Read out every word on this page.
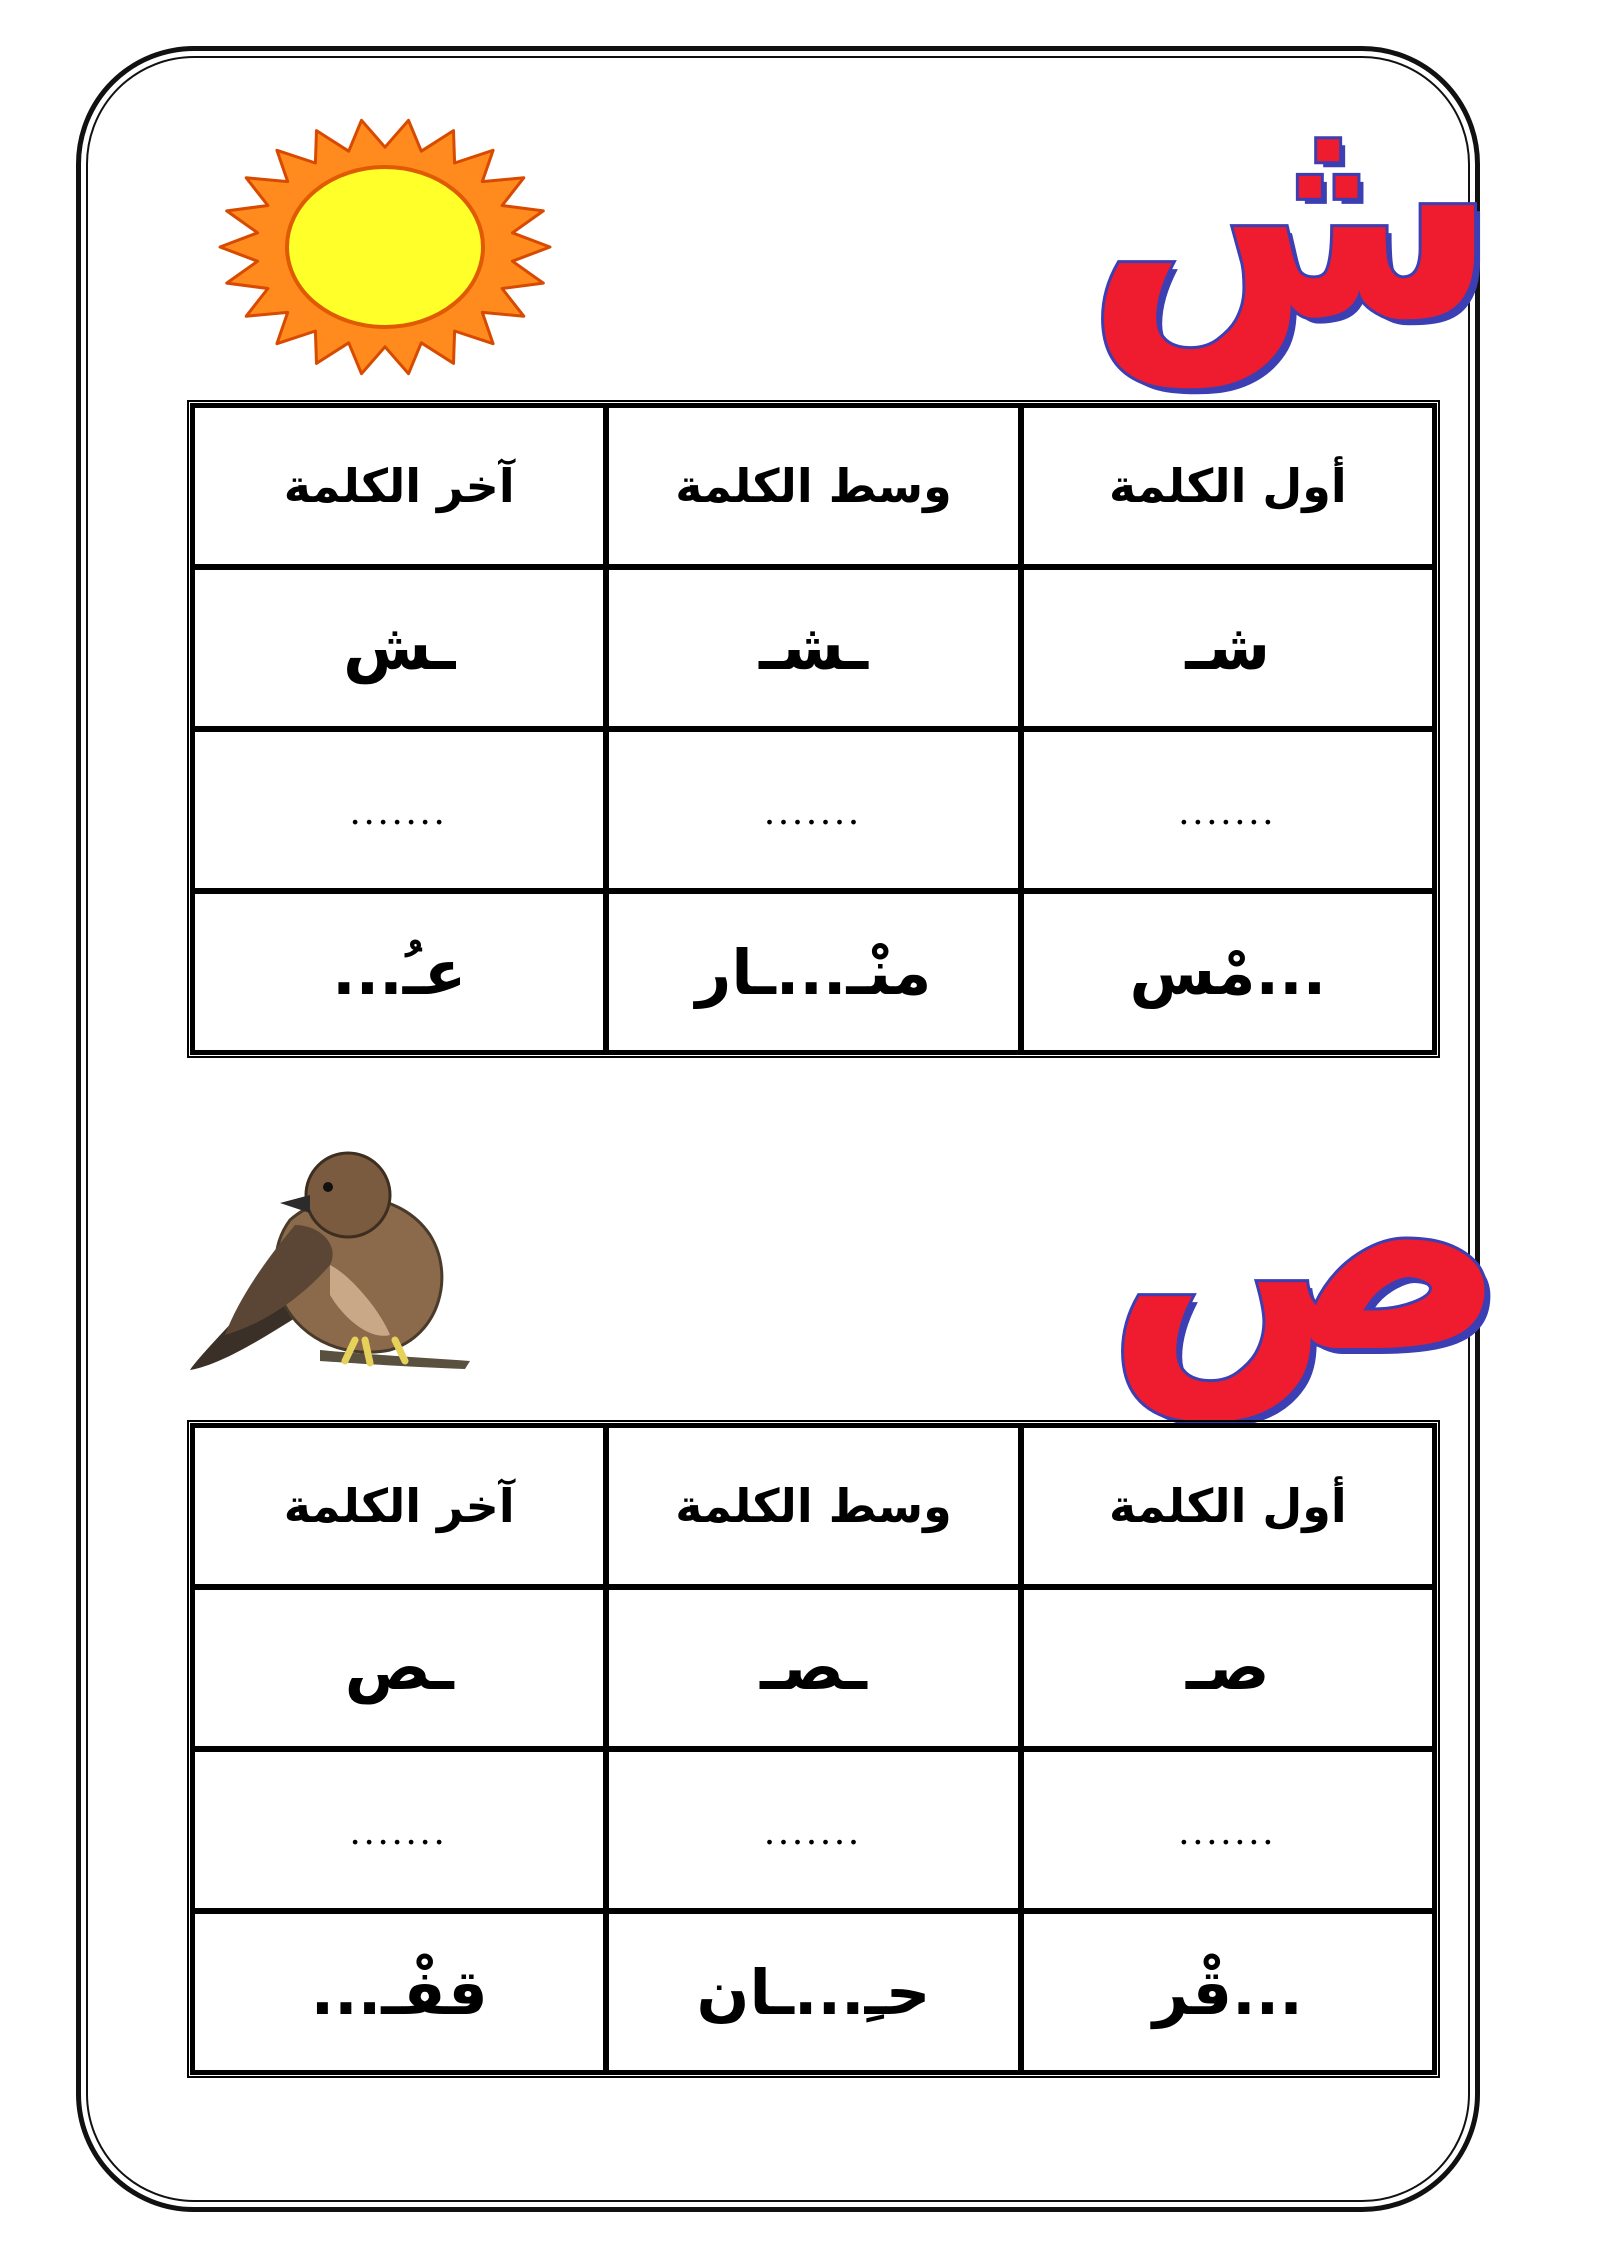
ش
أول الكلمة	وسط الكلمة	آخر الكلمة
شـ	ـشـ	ـش
.......	.......	.......
...مْس	منْـ...ـار	عـُ...
ص
أول الكلمة	وسط الكلمة	آخر الكلمة
صـ	ـصـ	ـص
.......	.......	.......
...قْر	حـِ...ـان	قفْـ...
